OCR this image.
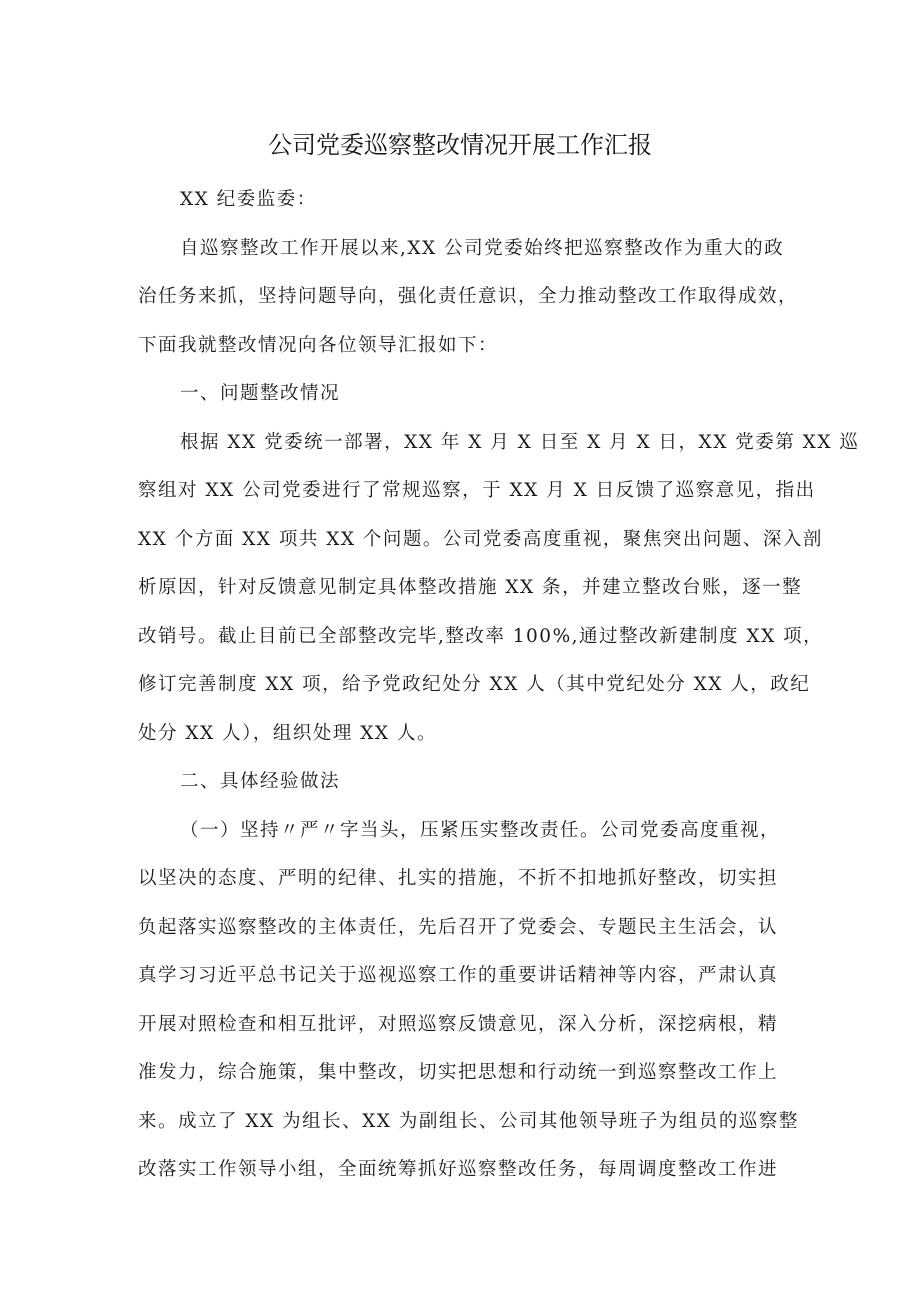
公司党委巡察整改情况开展工作汇报
XX 纪委监委：
自巡察整改工作开展以来,XX 公司党委始终把巡察整改作为重大的政
治任务来抓，坚持问题导向，强化责任意识，全力推动整改工作取得成效，
下面我就整改情况向各位领导汇报如下：
一、问题整改情况
根据 XX 党委统一部署，XX 年 X 月 X 日至 X 月 X 日，XX 党委第 XX 巡
察组对 XX 公司党委进行了常规巡察，于 XX 月 X 日反馈了巡察意见，指出
XX 个方面 XX 项共 XX 个问题。公司党委高度重视，聚焦突出问题、深入剖
析原因，针对反馈意见制定具体整改措施 XX 条，并建立整改台账，逐一整
改销号。截止目前已全部整改完毕,整改率 100%,通过整改新建制度 XX 项，
修订完善制度 XX 项，给予党政纪处分 XX 人（其中党纪处分 XX 人，政纪
处分 XX 人），组织处理 XX 人。
二、具体经验做法
（一）坚持〃严〃字当头，压紧压实整改责任。公司党委高度重视，
以坚决的态度、严明的纪律、扎实的措施，不折不扣地抓好整改，切实担
负起落实巡察整改的主体责任，先后召开了党委会、专题民主生活会，认
真学习习近平总书记关于巡视巡察工作的重要讲话精神等内容，严肃认真
开展对照检查和相互批评，对照巡察反馈意见，深入分析，深挖病根，精
准发力，综合施策，集中整改，切实把思想和行动统一到巡察整改工作上
来。成立了 XX 为组长、XX 为副组长、公司其他领导班子为组员的巡察整
改落实工作领导小组，全面统筹抓好巡察整改任务，每周调度整改工作进
